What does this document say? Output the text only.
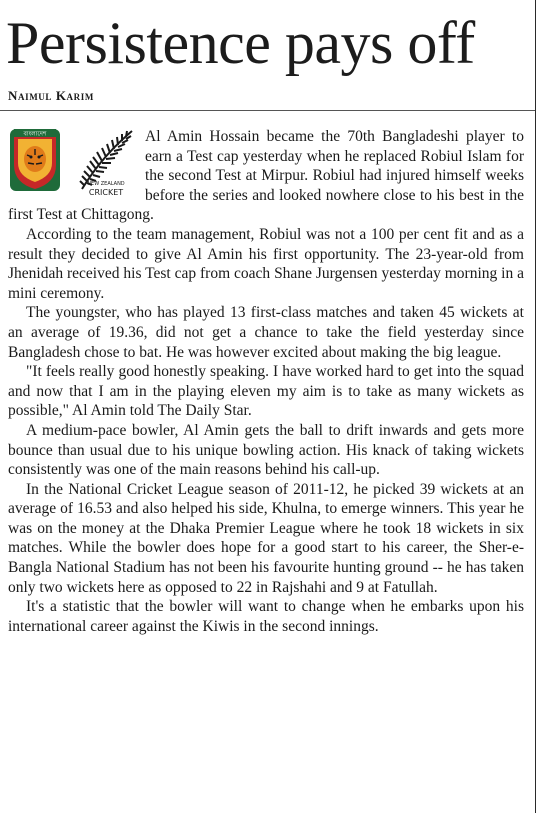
Persistence pays off
Naimul Karim
বাংলাদেশ
NEW ZEALAND
CRICKET

Al Amin Hossain became the 70th Bangladeshi player to earn a Test cap yesterday when he replaced Robiul Islam for the second Test at Mirpur. Robiul had injured himself weeks before the series and looked nowhere close to his best in the first Test at Chittagong.

According to the team management, Robiul was not a 100 per cent fit and as a result they decided to give Al Amin his first opportunity. The 23-year-old from Jhenidah received his Test cap from coach Shane Jurgensen yesterday morning in a mini ceremony.

The youngster, who has played 13 first-class matches and taken 45 wickets at an average of 19.36, did not get a chance to take the field yesterday since Bangladesh chose to bat. He was however excited about making the big league.

"It feels really good honestly speaking. I have worked hard to get into the squad and now that I am in the playing eleven my aim is to take as many wickets as possible," Al Amin told The Daily Star.

A medium-pace bowler, Al Amin gets the ball to drift inwards and gets more bounce than usual due to his unique bowling action. His knack of taking wickets consistently was one of the main reasons behind his call-up.

In the National Cricket League season of 2011-12, he picked 39 wickets at an average of 16.53 and also helped his side, Khulna, to emerge winners. This year he was on the money at the Dhaka Premier League where he took 18 wickets in six matches. While the bowler does hope for a good start to his career, the Sher-e-Bangla National Stadium has not been his favourite hunting ground -- he has taken only two wickets here as opposed to 22 in Rajshahi and 9 at Fatullah.

It's a statistic that the bowler will want to change when he embarks upon his international career against the Kiwis in the second innings.
